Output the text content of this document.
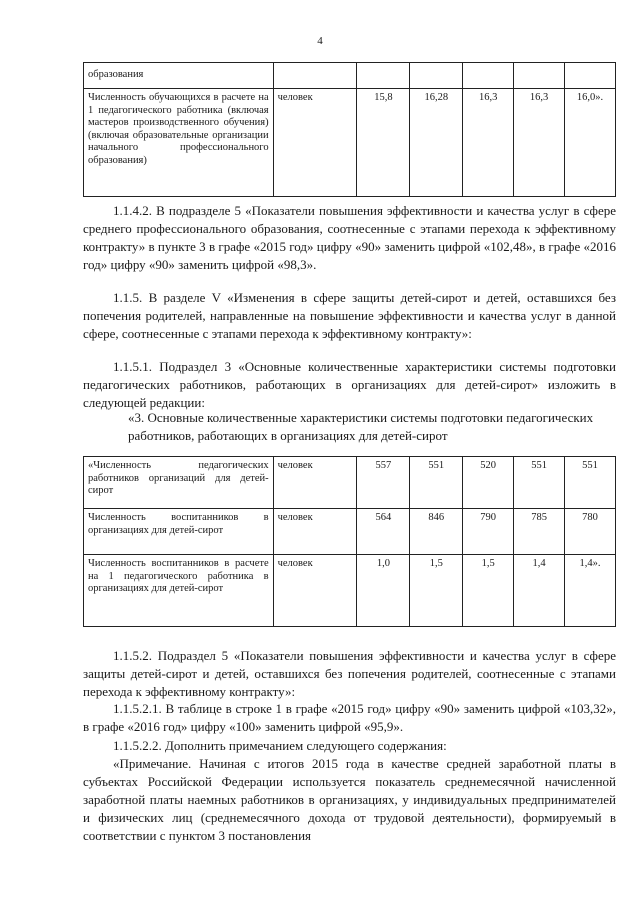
4
образования						
Численность обучающихся в расчете на 1 педагогического работника (включая мастеров производственного обучения) (включая образовательные организации начального профессионального образования)	человек	15,8	16,28	16,3	16,3	16,0».
1.1.4.2. В подразделе 5 «Показатели повышения эффективности и качества услуг в сфере среднего профессионального образования, соотнесенные с этапами перехода к эффективному контракту» в пункте 3 в графе «2015 год» цифру «90» заменить цифрой «102,48», в графе «2016 год» цифру «90» заменить цифрой «98,3».
1.1.5. В разделе V «Изменения в сфере защиты детей-сирот и детей, оставшихся без попечения родителей, направленные на повышение эффективности и качества услуг в данной сфере, соотнесенные с этапами перехода к эффективному контракту»:
1.1.5.1. Подраздел 3 «Основные количественные характеристики системы подготовки педагогических работников, работающих в организациях для детей-сирот» изложить в следующей редакции:
«3. Основные количественные характеристики системы подготовки педагогических работников, работающих в организациях для детей-сирот
«Численность педагогических работников организаций для детей-сирот	человек	557	551	520	551	551
Численность воспитанников в организациях для детей-сирот	человек	564	846	790	785	780
Численность воспитанников в расчете на 1 педагогического работника в организациях для детей-сирот	человек	1,0	1,5	1,5	1,4	1,4».
1.1.5.2. Подраздел 5 «Показатели повышения эффективности и качества услуг в сфере защиты детей-сирот и детей, оставшихся без попечения родителей, соотнесенные с этапами перехода к эффективному контракту»:
1.1.5.2.1. В таблице в строке 1 в графе «2015 год» цифру «90» заменить цифрой «103,32», в графе «2016 год» цифру «100» заменить цифрой «95,9».
1.1.5.2.2. Дополнить примечанием следующего содержания:
«Примечание. Начиная с итогов 2015 года в качестве средней заработной платы в субъектах Российской Федерации используется показатель среднемесячной начисленной заработной платы наемных работников в организациях, у индивидуальных предпринимателей и физических лиц (среднемесячного дохода от трудовой деятельности), формируемый в соответствии с пунктом 3 постановления
